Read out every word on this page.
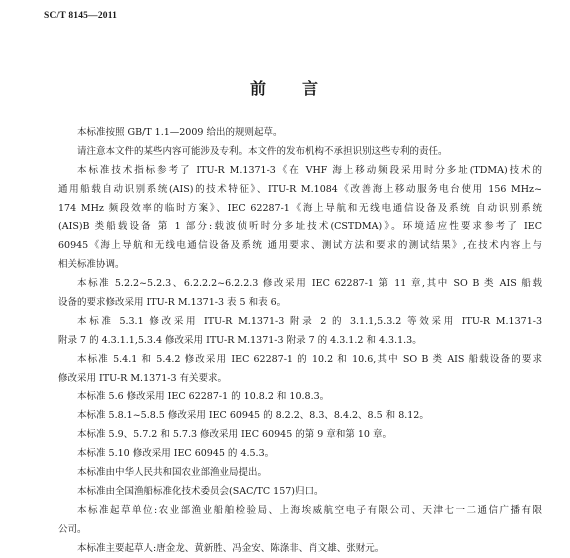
SC/T 8145—2011
前 言
本标准按照 GB/T 1.1—2009 给出的规则起草。
请注意本文件的某些内容可能涉及专利。本文件的发布机构不承担识别这些专利的责任。
本标准技术指标参考了 ITU-R M.1371-3《在 VHF 海上移动频段采用时分多址(TDMA)技术的
通用船载自动识别系统(AIS)的技术特征》、ITU-R M.1084《改善海上移动服务电台使用 156 MHz~
174 MHz 频段效率的临时方案》、IEC 62287-1《海上导航和无线电通信设备及系统 自动识别系统
(AIS)B 类船载设备 第 1 部分:载波侦听时分多址技术(CSTDMA)》。环境适应性要求参考了 IEC
60945《海上导航和无线电通信设备及系统 通用要求、测试方法和要求的测试结果》,在技术内容上与
相关标准协调。
本标准 5.2.2~5.2.3、6.2.2.2~6.2.2.3 修改采用 IEC 62287-1 第 11 章,其中 SO B 类 AIS 船载
设备的要求修改采用 ITU-R M.1371-3 表 5 和表 6。
本标准 5.3.1 修改采用 ITU-R M.1371-3 附录 2 的 3.1.1,5.3.2 等效采用 ITU-R M.1371-3
附录 7 的 4.3.1.1,5.3.4 修改采用 ITU-R M.1371-3 附录 7 的 4.3.1.2 和 4.3.1.3。
本标准 5.4.1 和 5.4.2 修改采用 IEC 62287-1 的 10.2 和 10.6,其中 SO B 类 AIS 船载设备的要求
修改采用 ITU-R M.1371-3 有关要求。
本标准 5.6 修改采用 IEC 62287-1 的 10.8.2 和 10.8.3。
本标准 5.8.1~5.8.5 修改采用 IEC 60945 的 8.2.2、8.3、8.4.2、8.5 和 8.12。
本标准 5.9、5.7.2 和 5.7.3 修改采用 IEC 60945 的第 9 章和第 10 章。
本标准 5.10 修改采用 IEC 60945 的 4.5.3。
本标准由中华人民共和国农业部渔业局提出。
本标准由全国渔船标准化技术委员会(SAC/TC 157)归口。
本标准起草单位:农业部渔业船舶检验局、上海埃威航空电子有限公司、天津七一二通信广播有限
公司。
本标准主要起草人:唐金龙、黄新胜、冯金安、陈涤非、肖文雄、张财元。
